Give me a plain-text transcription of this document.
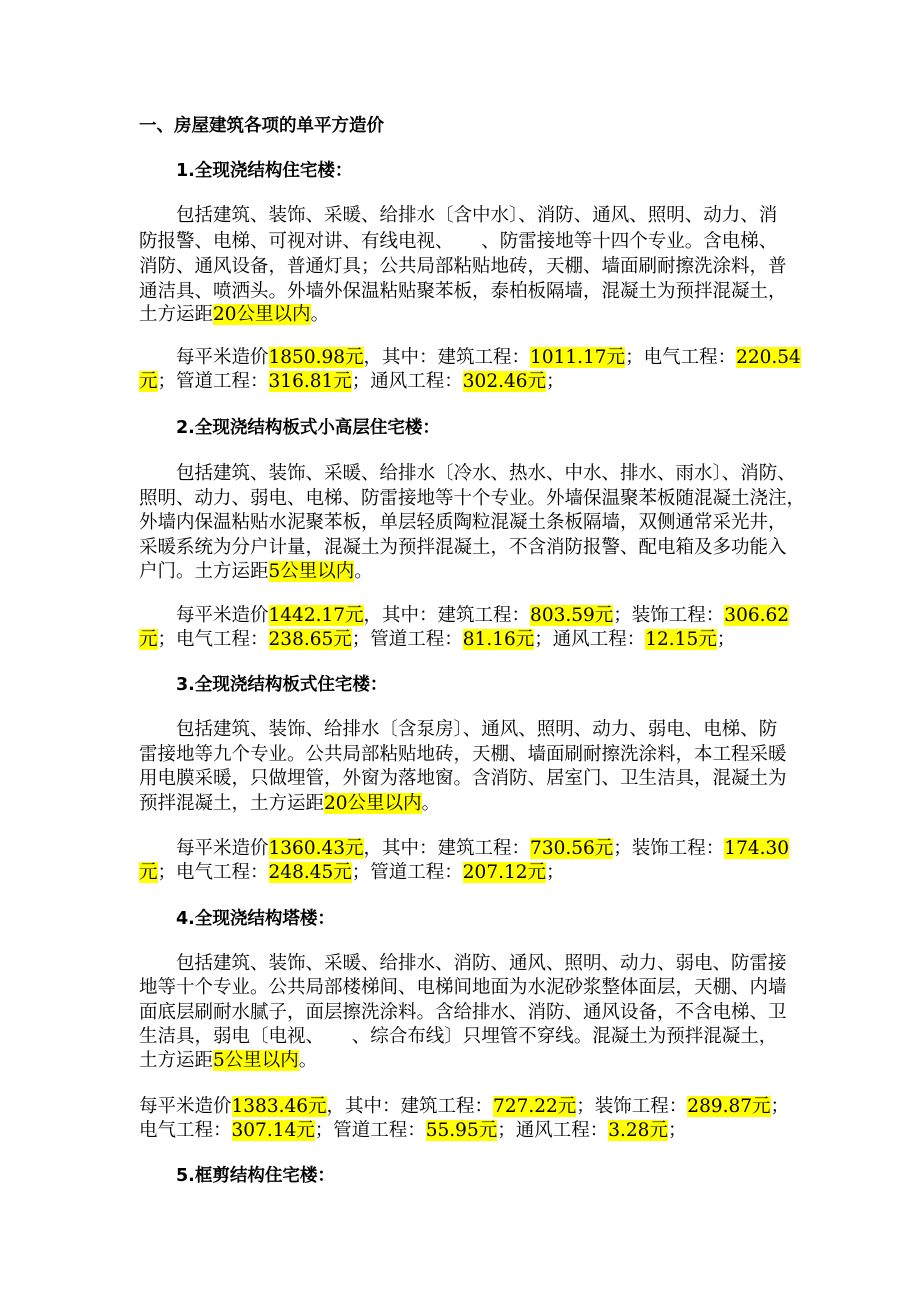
一、房屋建筑各项的单平方造价
1.全现浇结构住宅楼：
包括建筑、装饰、采暖、给排水〔含中水〕、消防、通风、照明、动力、消
防报警、电梯、可视对讲、有线电视、　　、防雷接地等十四个专业。含电梯、
消防、通风设备，普通灯具；公共局部粘贴地砖，天棚、墙面刷耐擦洗涂料，普
通洁具、喷洒头。外墙外保温粘贴聚苯板，泰柏板隔墙，混凝土为预拌混凝土，
土方运距20公里以内。
每平米造价1850.98元，其中：建筑工程：1011.17元；电气工程：220.54
元；管道工程：316.81元；通风工程：302.46元；
2.全现浇结构板式小高层住宅楼：
包括建筑、装饰、采暖、给排水〔冷水、热水、中水、排水、雨水〕、消防、
照明、动力、弱电、电梯、防雷接地等十个专业。外墙保温聚苯板随混凝土浇注，
外墙内保温粘贴水泥聚苯板，单层轻质陶粒混凝土条板隔墙，双侧通常采光井，
采暖系统为分户计量，混凝土为预拌混凝土，不含消防报警、配电箱及多功能入
户门。土方运距5公里以内。
每平米造价1442.17元，其中：建筑工程：803.59元；装饰工程：306.62
元；电气工程：238.65元；管道工程：81.16元；通风工程：12.15元；
3.全现浇结构板式住宅楼：
包括建筑、装饰、给排水〔含泵房〕、通风、照明、动力、弱电、电梯、防
雷接地等九个专业。公共局部粘贴地砖，天棚、墙面刷耐擦洗涂料，本工程采暖
用电膜采暖，只做埋管，外窗为落地窗。含消防、居室门、卫生洁具，混凝土为
预拌混凝土，土方运距20公里以内。
每平米造价1360.43元，其中：建筑工程：730.56元；装饰工程：174.30
元；电气工程：248.45元；管道工程：207.12元；
4.全现浇结构塔楼：
包括建筑、装饰、采暖、给排水、消防、通风、照明、动力、弱电、防雷接
地等十个专业。公共局部楼梯间、电梯间地面为水泥砂浆整体面层，天棚、内墙
面底层刷耐水腻子，面层擦洗涂料。含给排水、消防、通风设备，不含电梯、卫
生洁具，弱电〔电视、　　、综合布线〕只埋管不穿线。混凝土为预拌混凝土，
土方运距5公里以内。
每平米造价1383.46元，其中：建筑工程：727.22元；装饰工程：289.87元；
电气工程：307.14元；管道工程：55.95元；通风工程：3.28元；
5.框剪结构住宅楼：
